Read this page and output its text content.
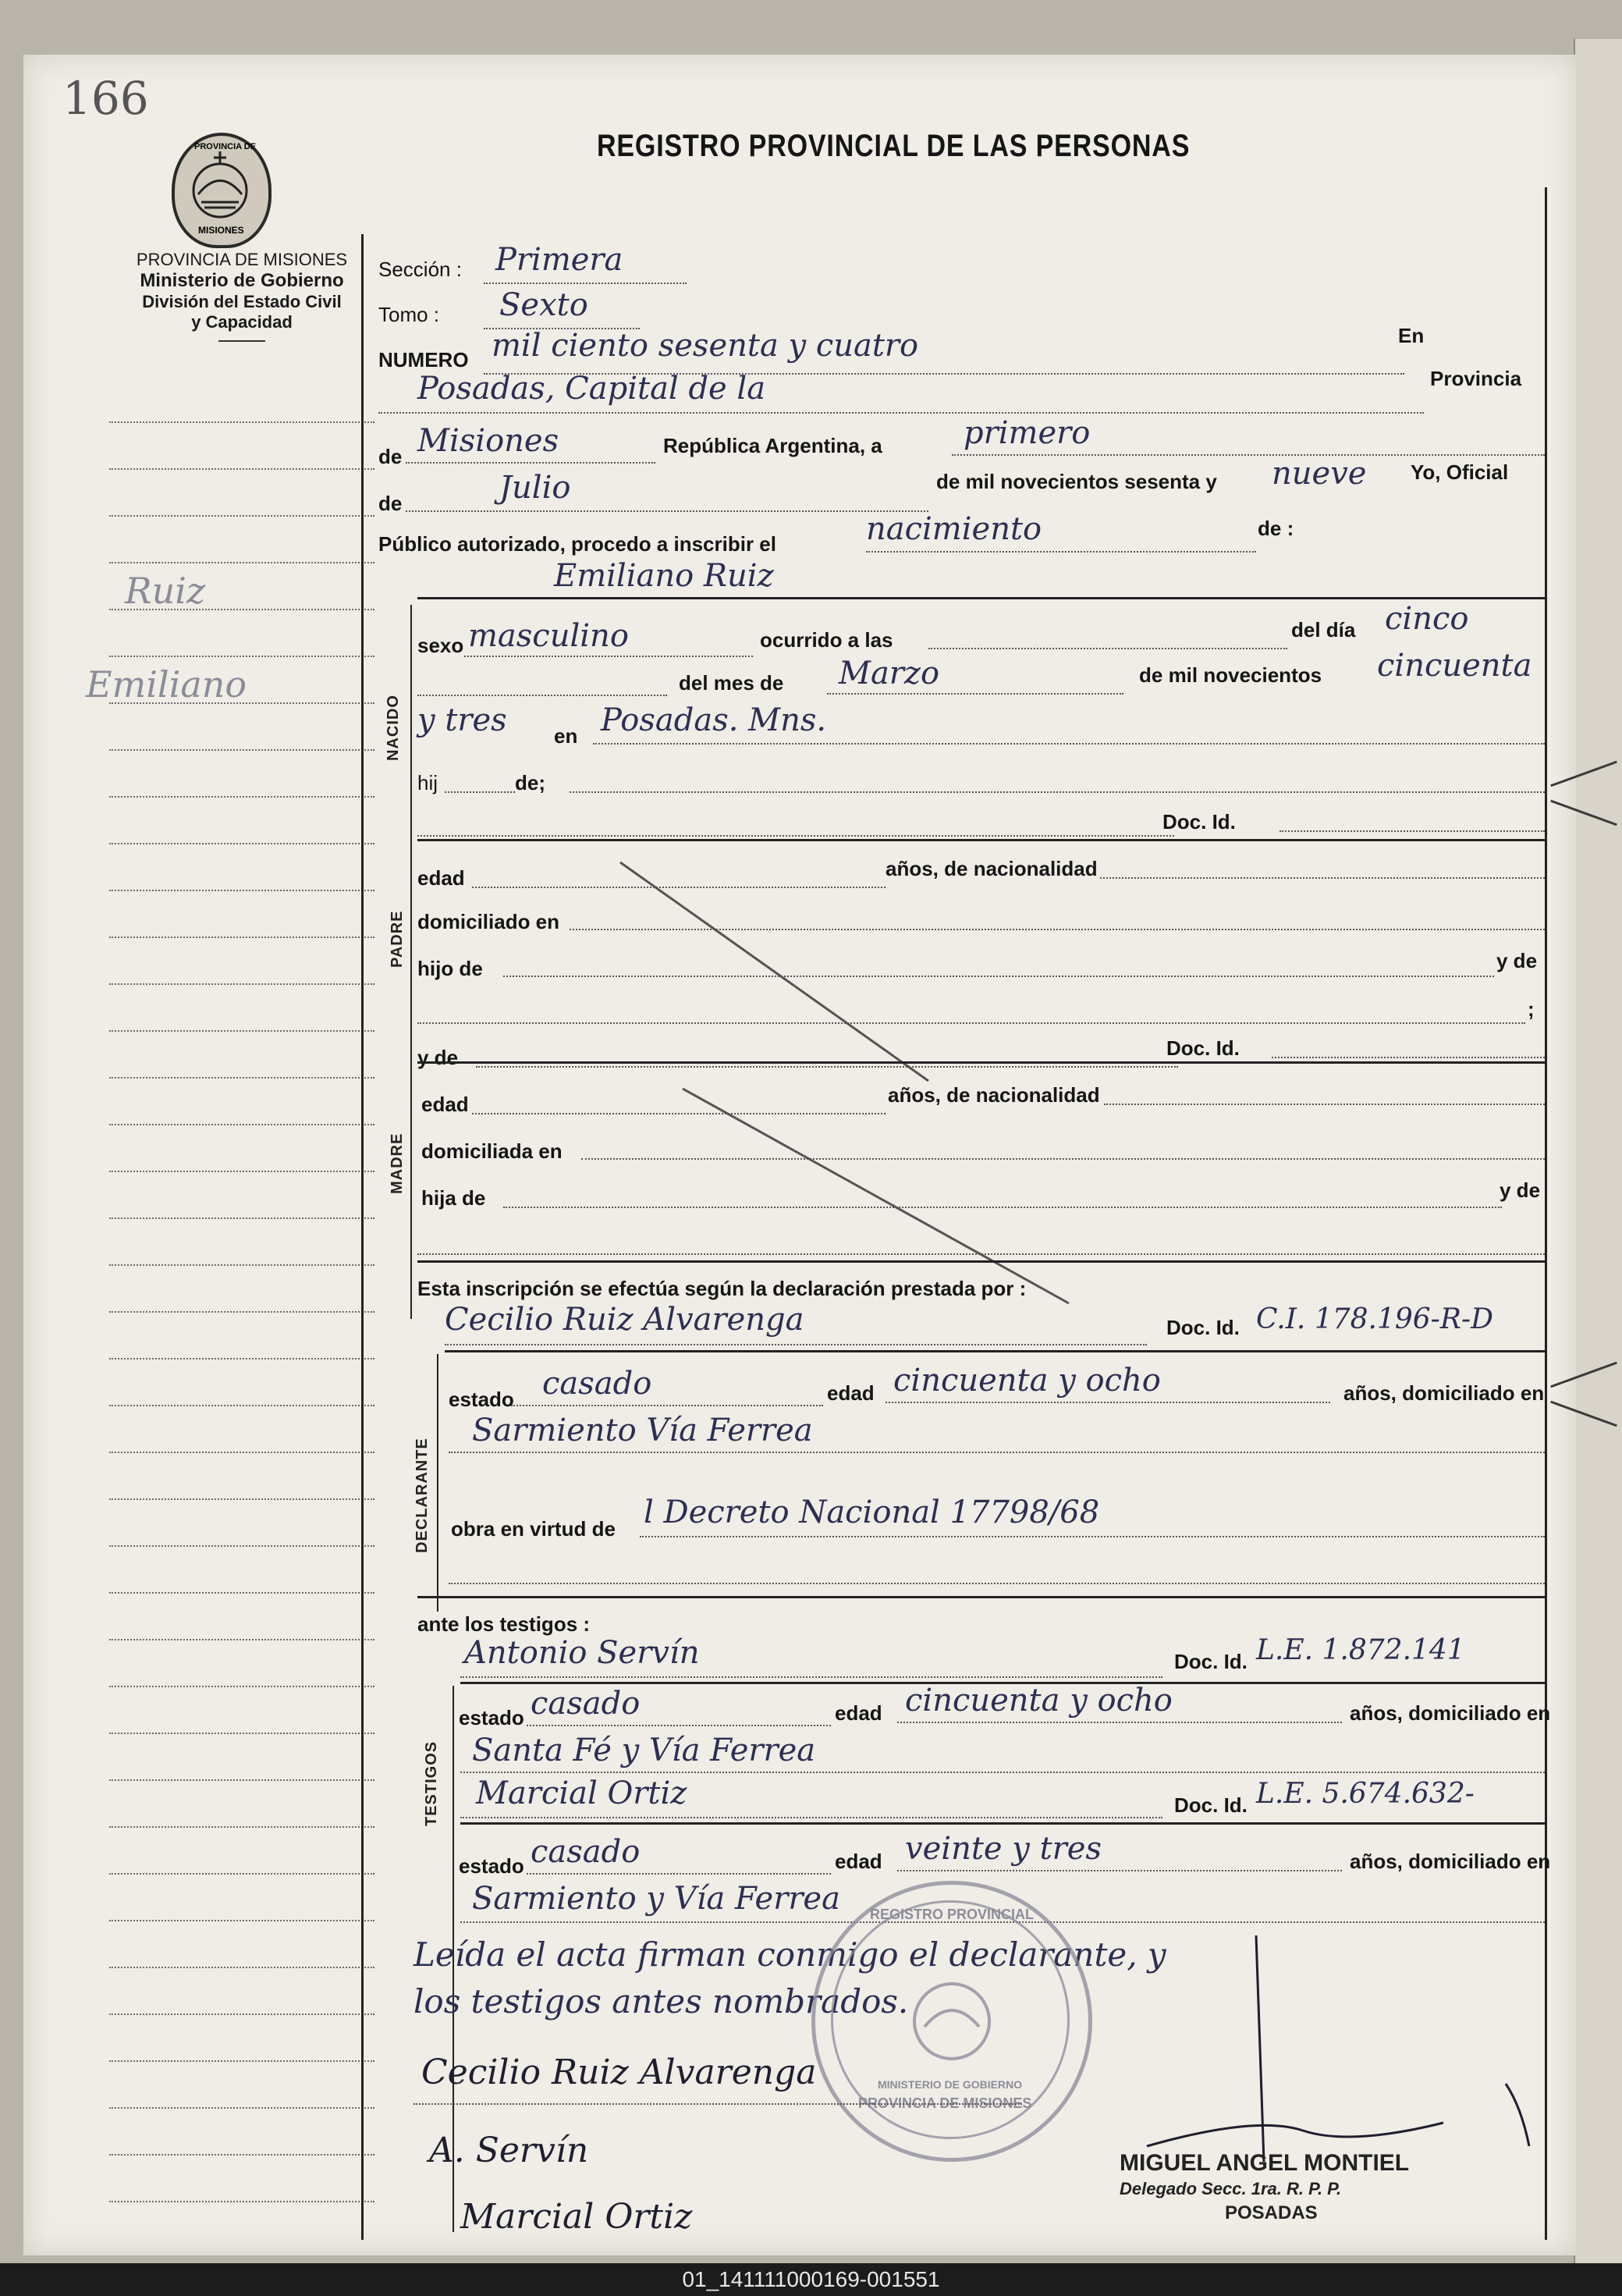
166
PROVINCIA DE
MISIONES
REGISTRO PROVINCIAL DE LAS PERSONAS
PROVINCIA DE MISIONES
Ministerio de Gobierno
División del Estado Civil
y Capacidad
Ruiz
Emiliano
Sección : Primera
Tomo : Sexto
NUMERO mil ciento sesenta y cuatro	En
Posadas, Capital de la	Provincia
de Misiones	República Argentina, a	primero
de	Julio	de mil novecientos sesenta y nueve Yo, Oficial
Público autorizado, procedo a inscribir el	nacimiento	de :
Emiliano Ruiz
NACIDO
sexo masculino	ocurrido a las	del día cinco
del mes de Marzo	de mil novecientos cincuenta
y tres en Posadas. Mns.
hij	de;
Doc. Id.
PADRE
edad	años, de nacionalidad
domiciliado en
hijo de	y de
;
y de	Doc. Id.
MADRE
edad	años, de nacionalidad
domiciliada en
hija de	y de
Esta inscripción se efectúa según la declaración prestada por :
Cecilio Ruiz Alvarenga	Doc. Id. C.I. 178.196-R-D
DECLARANTE
estado casado	edad cincuenta y ocho	años, domiciliado en
Sarmiento Vía Ferrea
obra en virtud de l Decreto Nacional 17798/68
ante los testigos :
Antonio Servín	Doc. Id. L.E. 1.872.141
TESTIGOS
estado casado	edad cincuenta y ocho	años, domiciliado en
Santa Fé y Vía Ferrea
Marcial Ortiz	Doc. Id. L.E. 5.674.632-
estado casado	edad veinte y tres	años, domiciliado en
Sarmiento y Vía Ferrea
Leída el acta firman conmigo el declarante, y
los testigos antes nombrados.
REGISTRO PROVINCIAL
PROVINCIA DE MISIONES
MINISTERIO DE GOBIERNO
Cecilio Ruiz Alvarenga
A. Servín
Marcial Ortiz
MIGUEL ANGEL MONTIEL
Delegado Secc. 1ra. R. P. P.
POSADAS
01_141111000169-001551
